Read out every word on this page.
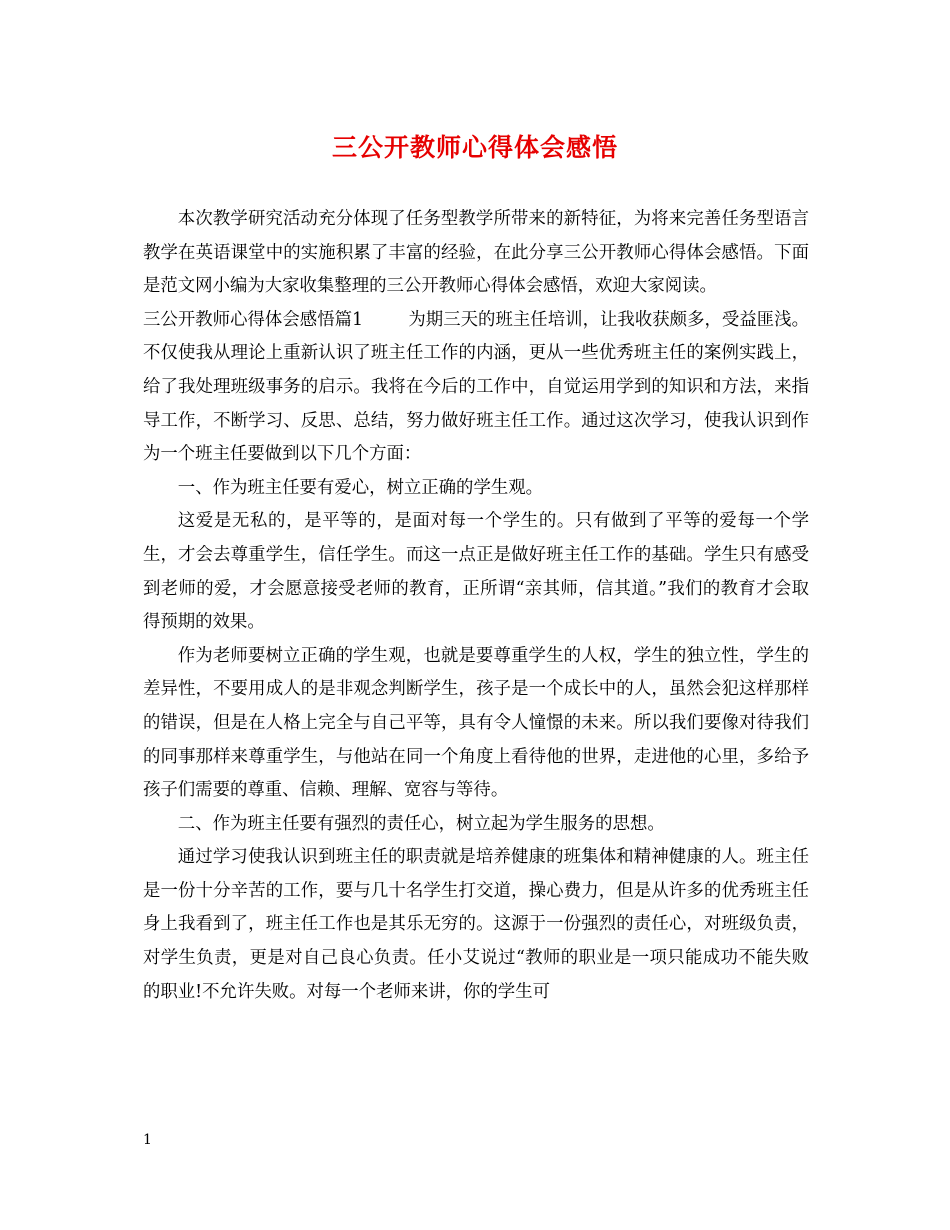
三公开教师心得体会感悟

本次教学研究活动充分体现了任务型教学所带来的新特征，为将来完善任务型语言教学在英语课堂中的实施积累了丰富的经验，在此分享三公开教师心得体会感悟。下面是范文网小编为大家收集整理的三公开教师心得体会感悟，欢迎大家阅读。

三公开教师心得体会感悟篇1	为期三天的班主任培训，让我收获颇多，受益匪浅。不仅使我从理论上重新认识了班主任工作的内涵，更从一些优秀班主任的案例实践上，给了我处理班级事务的启示。我将在今后的工作中，自觉运用学到的知识和方法，来指导工作，不断学习、反思、总结，努力做好班主任工作。通过这次学习，使我认识到作为一个班主任要做到以下几个方面：

一、作为班主任要有爱心，树立正确的学生观。

这爱是无私的，是平等的，是面对每一个学生的。只有做到了平等的爱每一个学生，才会去尊重学生，信任学生。而这一点正是做好班主任工作的基础。学生只有感受到老师的爱，才会愿意接受老师的教育，正所谓“亲其师，信其道。”我们的教育才会取得预期的效果。

作为老师要树立正确的学生观，也就是要尊重学生的人权，学生的独立性，学生的差异性，不要用成人的是非观念判断学生，孩子是一个成长中的人，虽然会犯这样那样的错误，但是在人格上完全与自己平等，具有令人憧憬的未来。所以我们要像对待我们的同事那样来尊重学生，与他站在同一个角度上看待他的世界，走进他的心里，多给予孩子们需要的尊重、信赖、理解、宽容与等待。

二、作为班主任要有强烈的责任心，树立起为学生服务的思想。

通过学习使我认识到班主任的职责就是培养健康的班集体和精神健康的人。班主任是一份十分辛苦的工作，要与几十名学生打交道，操心费力，但是从许多的优秀班主任身上我看到了，班主任工作也是其乐无穷的。这源于一份强烈的责任心，对班级负责，对学生负责，更是对自己良心负责。任小艾说过“教师的职业是一项只能成功不能失败的职业!不允许失败。对每一个老师来讲，你的学生可

1
